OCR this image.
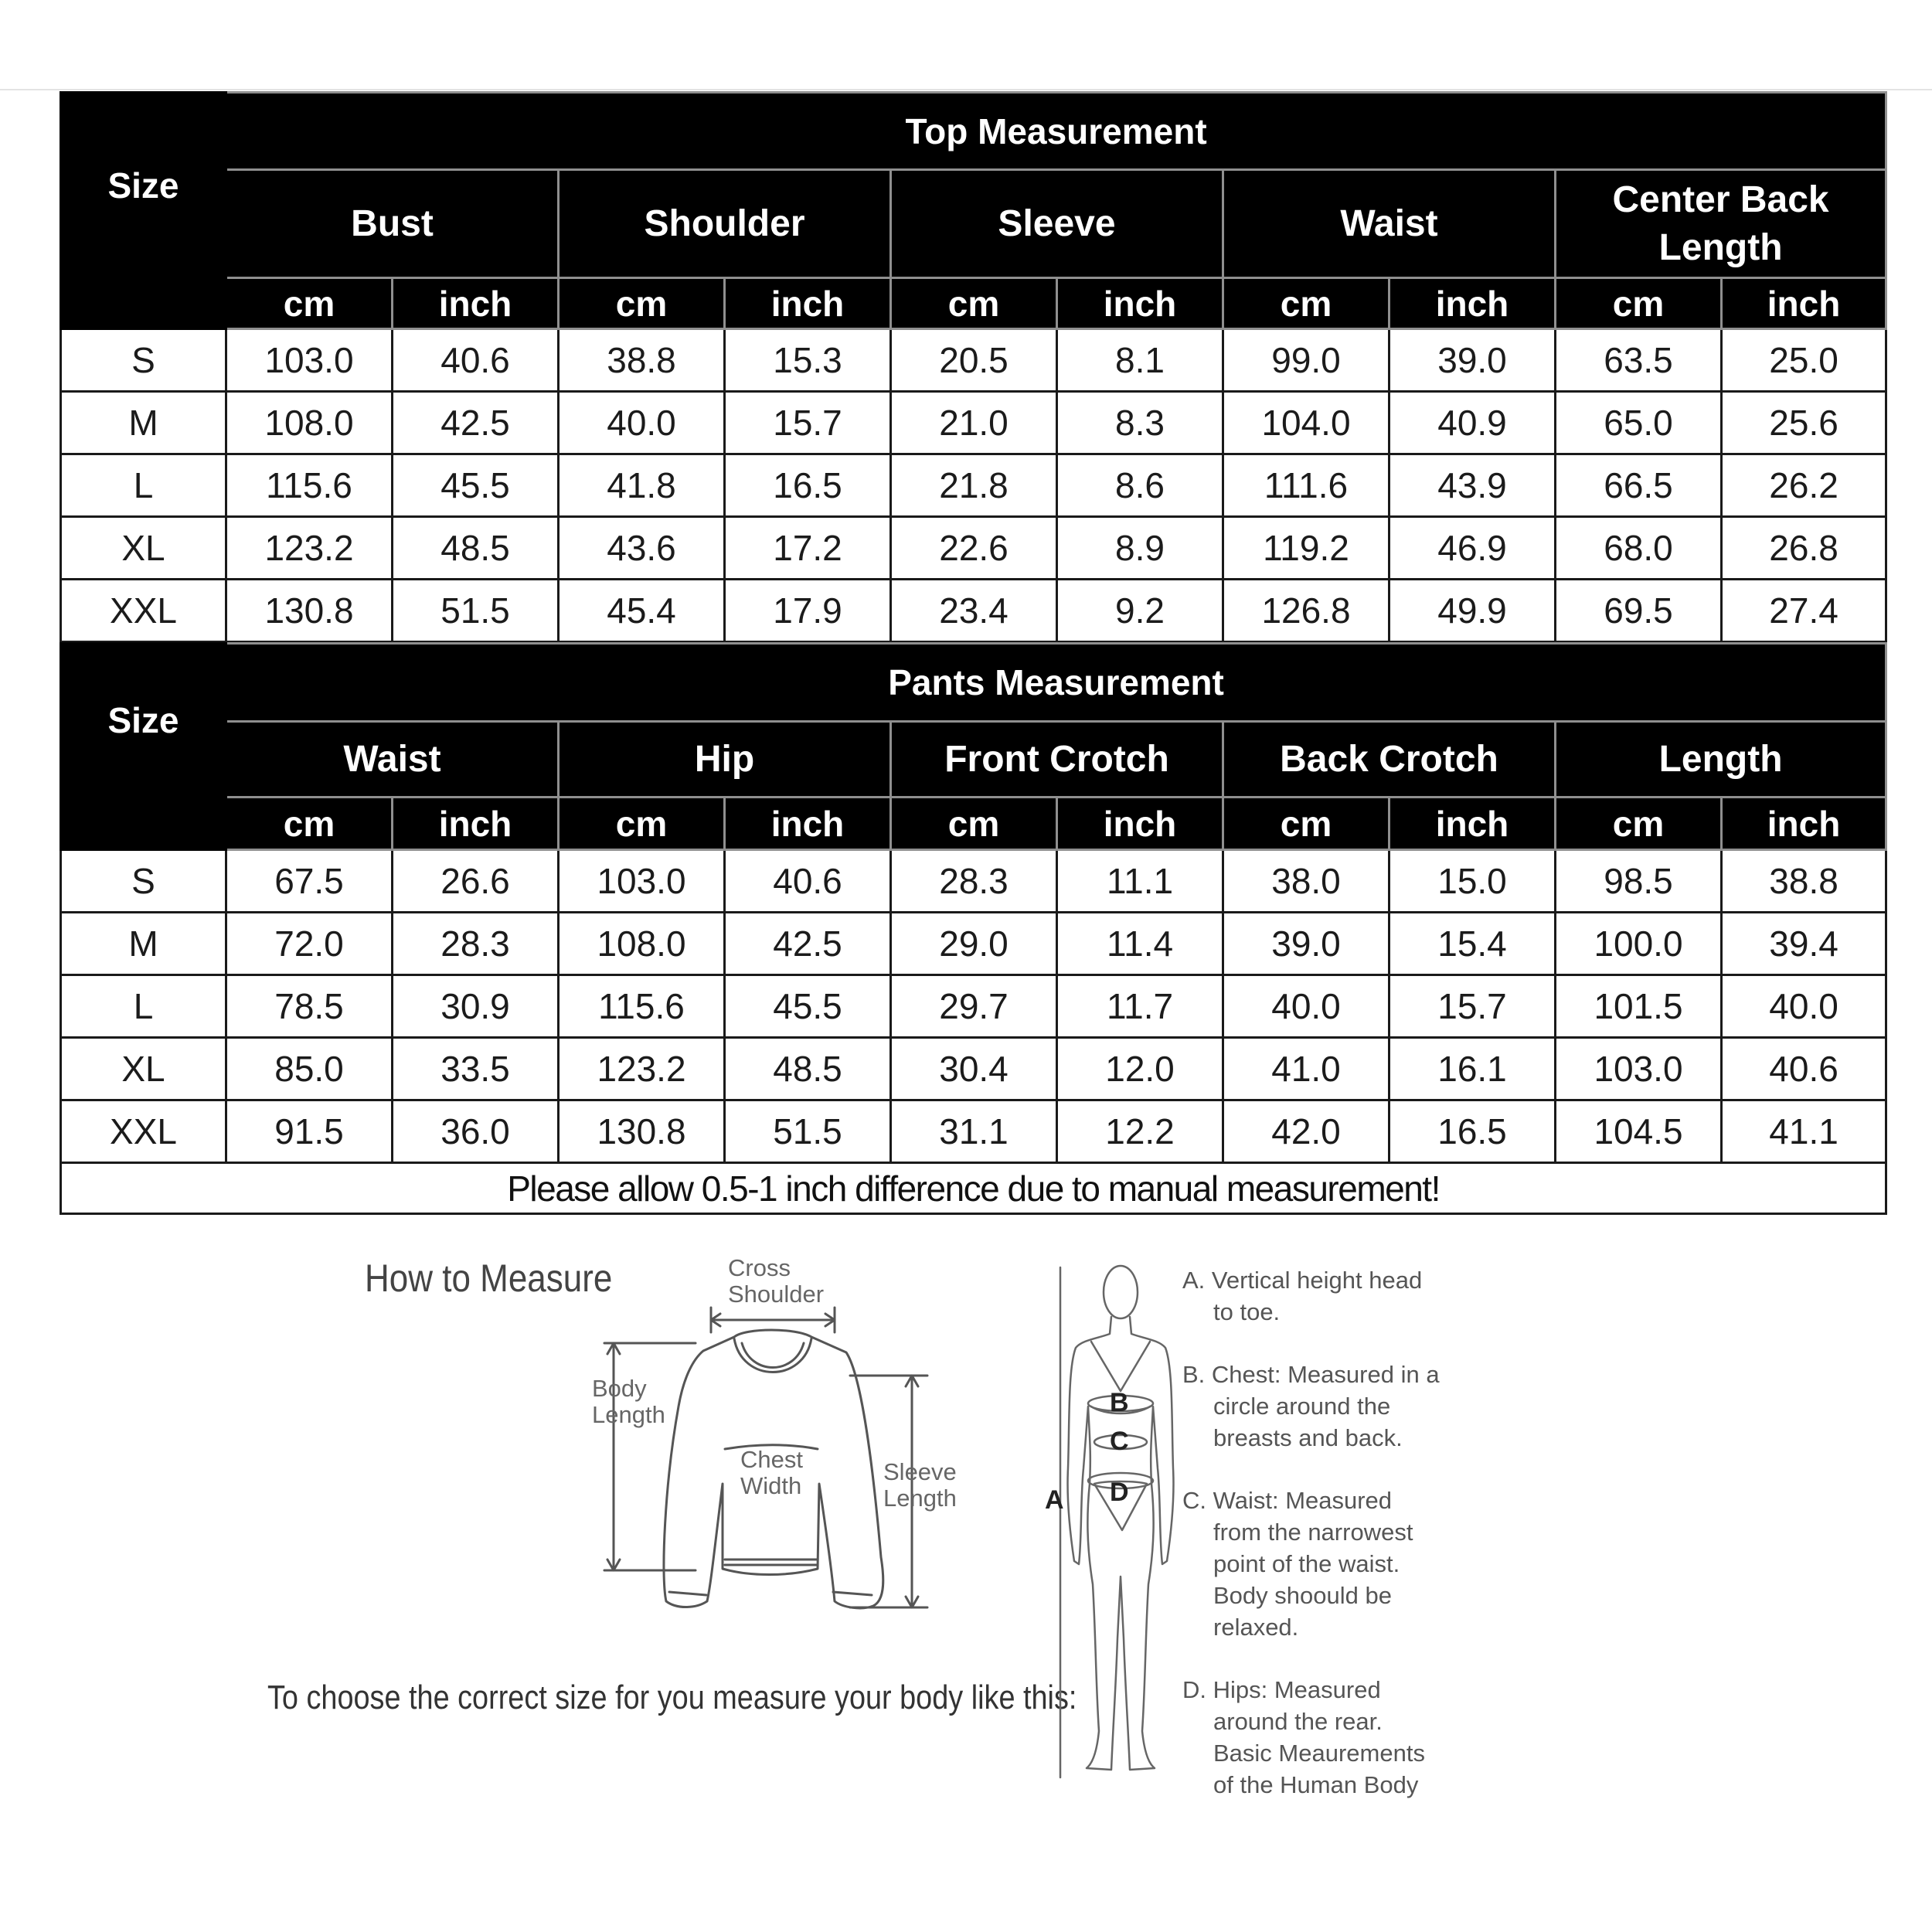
Size	Top Measurement									
	Bust		Shoulder		Sleeve		Waist		Center Back Length	
	cm	inch	cm	inch	cm	inch	cm	inch	cm	inch
S	103.0	40.6	38.8	15.3	20.5	8.1	99.0	39.0	63.5	25.0
M	108.0	42.5	40.0	15.7	21.0	8.3	104.0	40.9	65.0	25.6
L	115.6	45.5	41.8	16.5	21.8	8.6	111.6	43.9	66.5	26.2
XL	123.2	48.5	43.6	17.2	22.6	8.9	119.2	46.9	68.0	26.8
XXL	130.8	51.5	45.4	17.9	23.4	9.2	126.8	49.9	69.5	27.4
Size	Pants Measurement									
	Waist		Hip		Front Crotch		Back Crotch		Length	
	cm	inch	cm	inch	cm	inch	cm	inch	cm	inch
S	67.5	26.6	103.0	40.6	28.3	11.1	38.0	15.0	98.5	38.8
M	72.0	28.3	108.0	42.5	29.0	11.4	39.0	15.4	100.0	39.4
L	78.5	30.9	115.6	45.5	29.7	11.7	40.0	15.7	101.5	40.0
XL	85.0	33.5	123.2	48.5	30.4	12.0	41.0	16.1	103.0	40.6
XXL	91.5	36.0	130.8	51.5	31.1	12.2	42.0	16.5	104.5	41.1
Please allow 0.5-1 inch difference due to manual measurement!										
How to Measure	Cross
Shoulder
Body
Length
Chest
Width
Sleeve
Length
To choose the correct size for you measure your body like this:
A
B
C
D
A. Vertical height head
to toe.
B. Chest: Measured in a
circle around the
breasts and back.
C. Waist: Measured
from the narrowest
point of the waist.
Body shoould be
relaxed.
D. Hips: Measured
around the rear.
Basic Meaurements
of the Human Body
